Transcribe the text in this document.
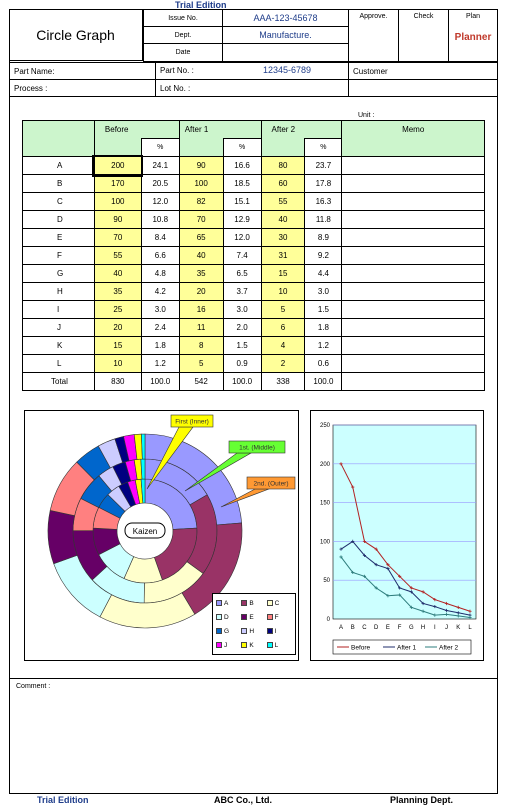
Trial Edition
Circle Graph
Issue No.	AAA-123-45678
Dept.	Manufacture.
Date
Approve.	Check	Plan
Planner
Part Name:	Part No. :	12345-6789	Customer
Process :	Lot No. :
Unit :
	Before		After 1		After 2		Memo
		%		%		%	
A	200	24.1	90	16.6	80	23.7	
B	170	20.5	100	18.5	60	17.8	
C	100	12.0	82	15.1	55	16.3	
D	90	10.8	70	12.9	40	11.8	
E	70	8.4	65	12.0	30	8.9	
F	55	6.6	40	7.4	31	9.2	
G	40	4.8	35	6.5	15	4.4	
H	35	4.2	20	3.7	10	3.0	
I	25	3.0	16	3.0	5	1.5	
J	20	2.4	11	2.0	6	1.8	
K	15	1.8	8	1.5	4	1.2	
L	10	1.2	5	0.9	2	0.6	
Total	830	100.0	542	100.0	338	100.0	
Kaizen
First (Inner)
1st. (Middle)
2nd. (Outer)
A	B	C
D	E	F
G	H	I
J	K	L
0
50
100
150
200
250
A B C D E F G H I J K L
Before	After 1	After 2
Comment :
Trial Edition	ABC Co., Ltd.	Planning Dept.
